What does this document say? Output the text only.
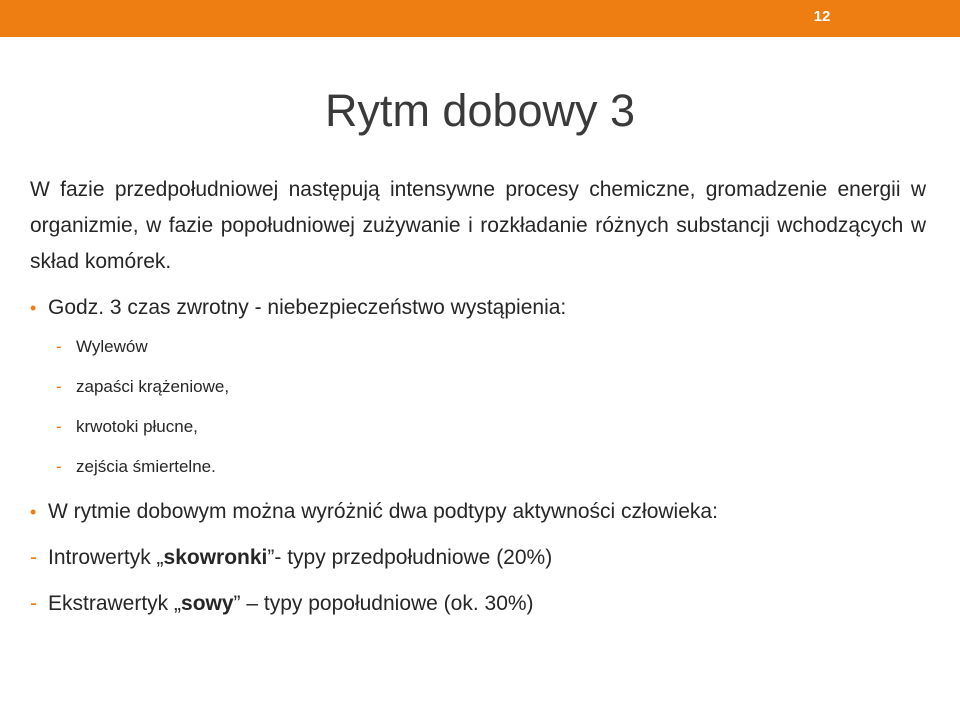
12
Rytm dobowy 3

W fazie przedpołudniowej następują intensywne procesy chemiczne, gromadzenie energii w organizmie, w fazie popołudniowej zużywanie i rozkładanie różnych substancji wchodzących w skład komórek.

• Godz. 3 czas zwrotny - niebezpieczeństwo wystąpienia:
- Wylewów
- zapaści krążeniowe,
- krwotoki płucne,
- zejścia śmiertelne.
• W rytmie dobowym można wyróżnić dwa podtypy aktywności człowieka:
- Introwertyk „skowronki”- typy przedpołudniowe (20%)
- Ekstrawertyk „sowy” – typy popołudniowe (ok. 30%)
